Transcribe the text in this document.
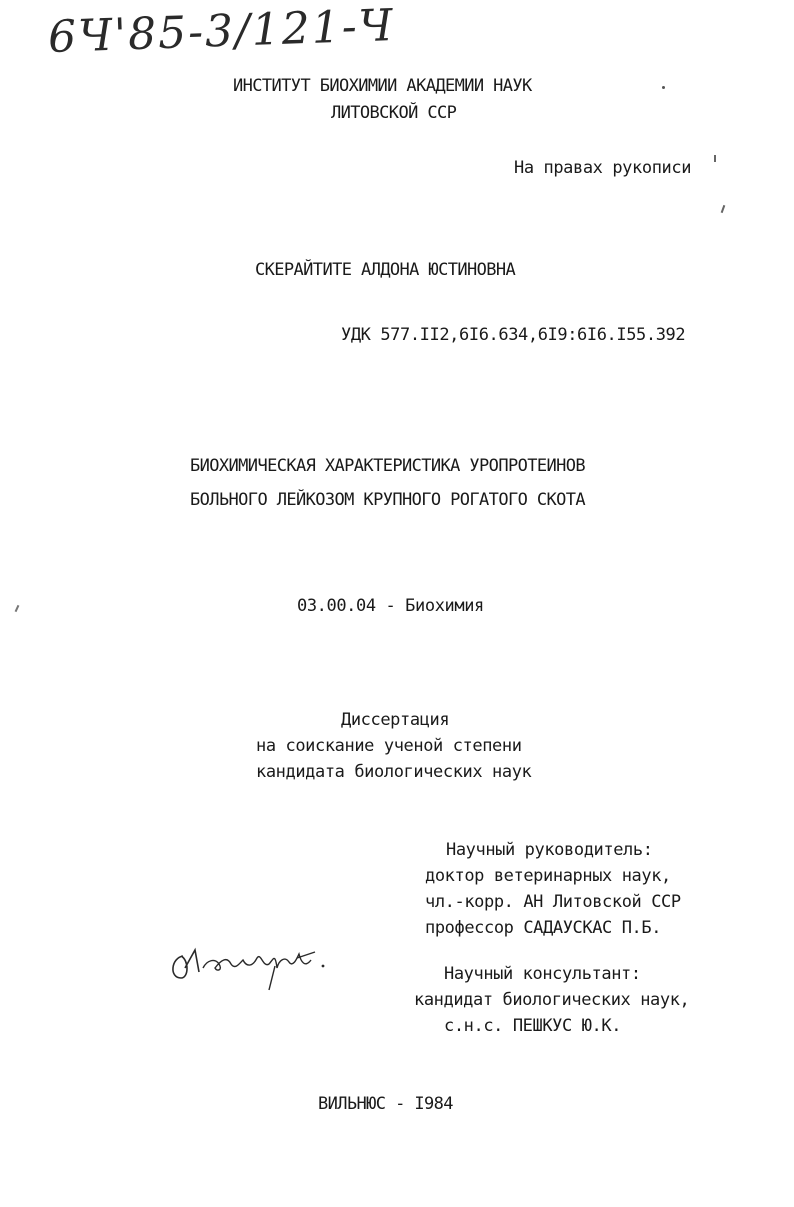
6Ч'85-3/121-Ч
ИНСТИТУТ БИОХИМИИ АКАДЕМИИ НАУК
ЛИТОВСКОЙ ССР
На правах рукописи
СКЕРАЙТИТЕ АЛДОНА ЮСТИНОВНА
УДК 577.II2,6I6.634,6I9:6I6.I55.392
БИОХИМИЧЕСКАЯ ХАРАКТЕРИСТИКА УРОПРОТЕИНОВ
БОЛЬНОГО ЛЕЙКОЗОМ КРУПНОГО РОГАТОГО СКОТА
03.00.04 - Биохимия
Диссертация
на соискание ученой степени
кандидата биологических наук
Научный руководитель:
доктор ветеринарных наук,
чл.-корр. АН Литовской ССР
профессор САДАУСКАС П.Б.
Научный консультант:
кандидат биологических наук,
с.н.с. ПЕШКУС Ю.К.
ВИЛЬНЮС - I984
